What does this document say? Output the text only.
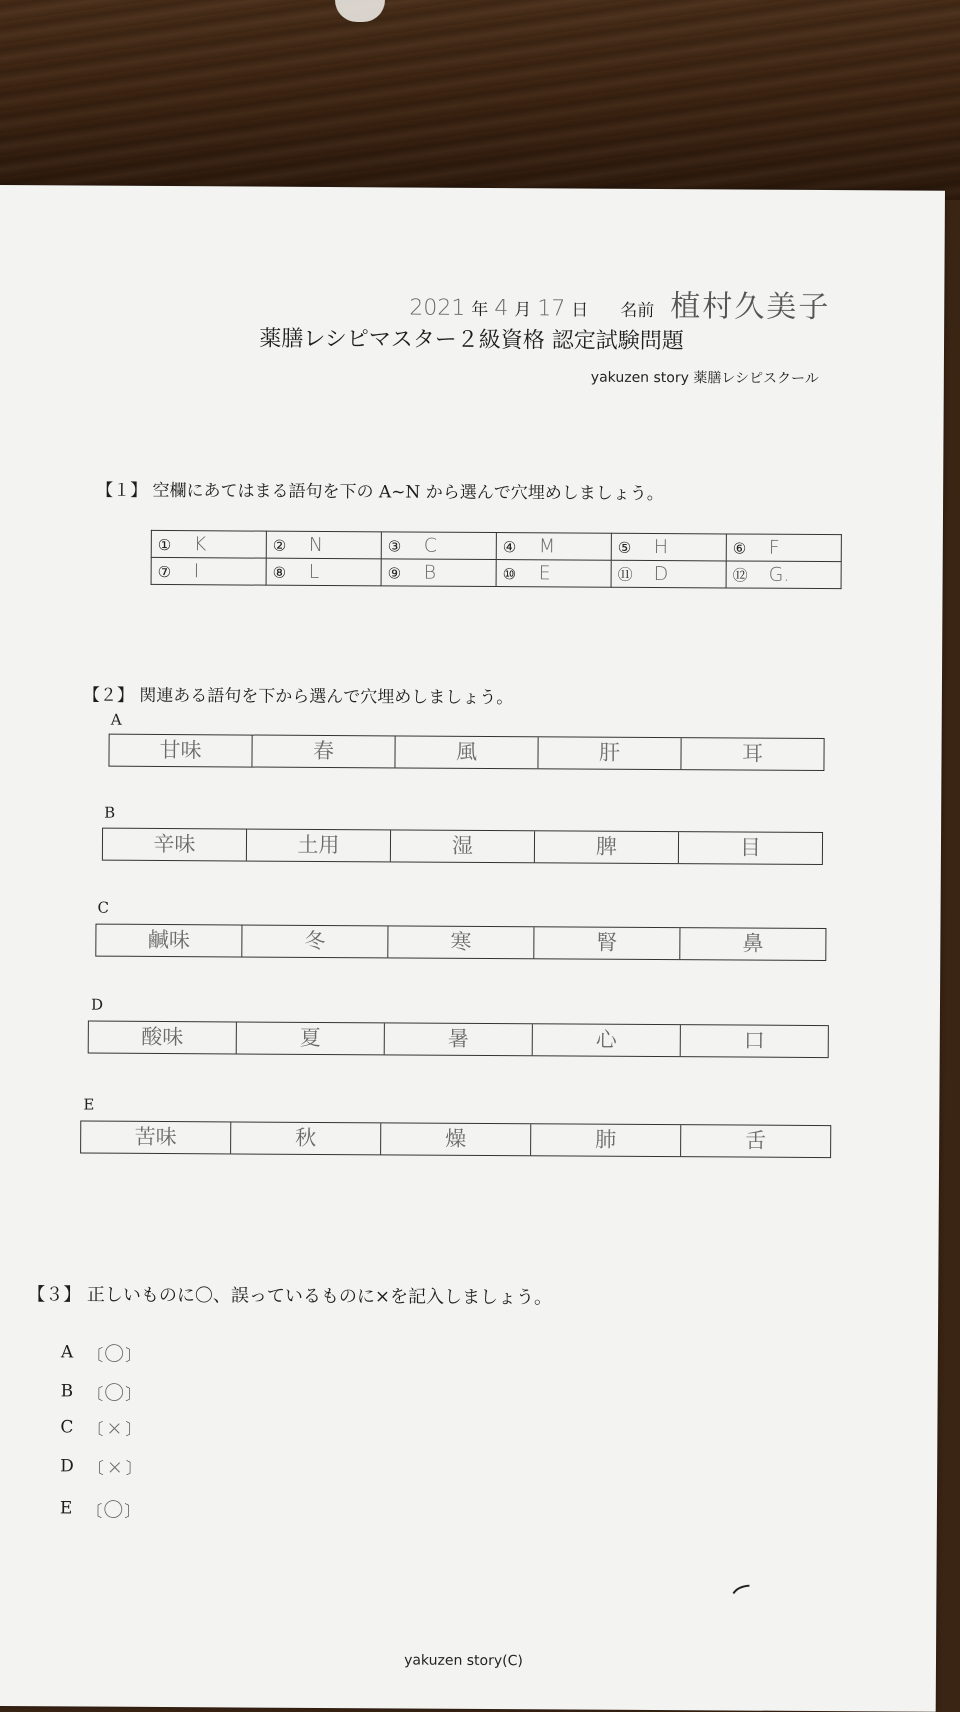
2021 年 4 月 17 日 名前 植村久美子
薬膳レシピマスター２級資格 認定試験問題
yakuzen story 薬膳レシピスクール
【１】 空欄にあてはまる語句を下の A~N から選んで穴埋めしましょう。
① K	② N	③ C	④ M	⑤ H	⑥ F
⑦ I	⑧ L	⑨ B	⑩ E	⑪ D	⑫ G.
【２】 関連ある語句を下から選んで穴埋めしましょう。
A
甘味	春	風	肝	耳
B
辛味	土用	湿	脾	目
C
鹹味	冬	寒	腎	鼻
D
酸味	夏	暑	心	口
E
苦味	秋	燥	肺	舌
【３】 正しいものに〇、誤っているものに×を記入しましょう。
A 〔〇〕
B 〔〇〕
C 〔 × 〕
D 〔 × 〕
E 〔〇〕
yakuzen story(C)
